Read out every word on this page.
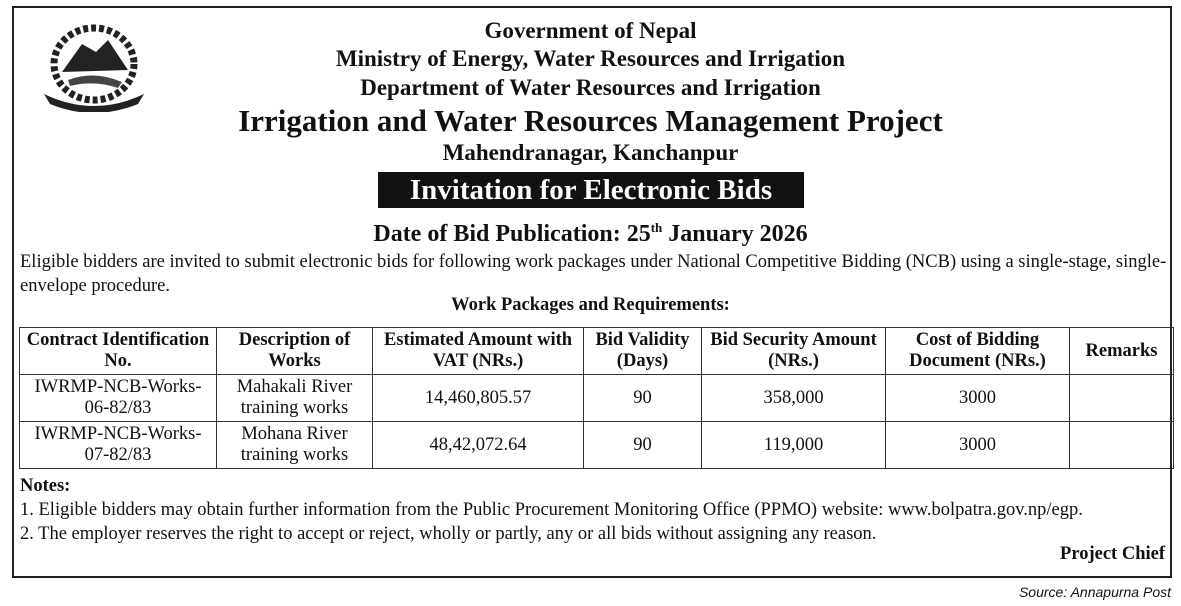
Government of Nepal
Ministry of Energy, Water Resources and Irrigation
Department of Water Resources and Irrigation
Irrigation and Water Resources Management Project
Mahendranagar, Kanchanpur
Invitation for Electronic Bids
Date of Bid Publication: 25th January 2026
Eligible bidders are invited to submit electronic bids for following work packages under National Competitive Bidding (NCB) using a single-stage, single-envelope procedure.
Work Packages and Requirements:
Contract Identification No.	Description of Works	Estimated Amount with VAT (NRs.)	Bid Validity (Days)	Bid Security Amount (NRs.)	Cost of Bidding Document (NRs.)	Remarks
IWRMP-NCB-Works-06-82/83	Mahakali River training works	14,460,805.57	90	358,000	3000	
IWRMP-NCB-Works-07-82/83	Mohana River training works	48,42,072.64	90	119,000	3000	
Notes:
1. Eligible bidders may obtain further information from the Public Procurement Monitoring Office (PPMO) website: www.bolpatra.gov.np/egp.
2. The employer reserves the right to accept or reject, wholly or partly, any or all bids without assigning any reason.
Project Chief
Source: Annapurna Post
